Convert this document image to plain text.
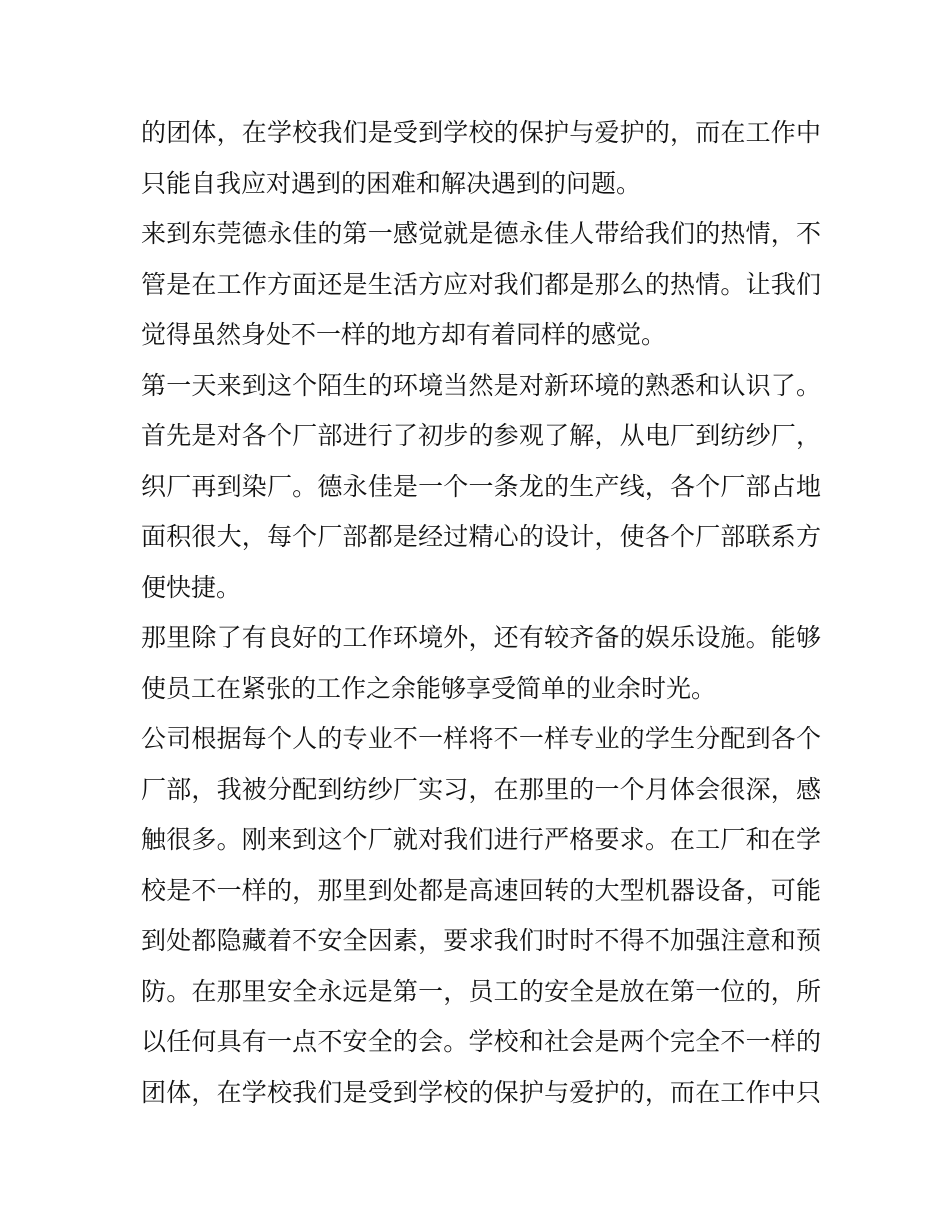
的团体，在学校我们是受到学校的保护与爱护的，而在工作中
只能自我应对遇到的困难和解决遇到的问题。
来到东莞德永佳的第一感觉就是德永佳人带给我们的热情，不
管是在工作方面还是生活方应对我们都是那么的热情。让我们
觉得虽然身处不一样的地方却有着同样的感觉。
第一天来到这个陌生的环境当然是对新环境的熟悉和认识了。
首先是对各个厂部进行了初步的参观了解，从电厂到纺纱厂，
织厂再到染厂。德永佳是一个一条龙的生产线，各个厂部占地
面积很大，每个厂部都是经过精心的设计，使各个厂部联系方
便快捷。
那里除了有良好的工作环境外，还有较齐备的娱乐设施。能够
使员工在紧张的工作之余能够享受简单的业余时光。
公司根据每个人的专业不一样将不一样专业的学生分配到各个
厂部，我被分配到纺纱厂实习，在那里的一个月体会很深，感
触很多。刚来到这个厂就对我们进行严格要求。在工厂和在学
校是不一样的，那里到处都是高速回转的大型机器设备，可能
到处都隐藏着不安全因素，要求我们时时不得不加强注意和预
防。在那里安全永远是第一，员工的安全是放在第一位的，所
以任何具有一点不安全的会。学校和社会是两个完全不一样的
团体，在学校我们是受到学校的保护与爱护的，而在工作中只
